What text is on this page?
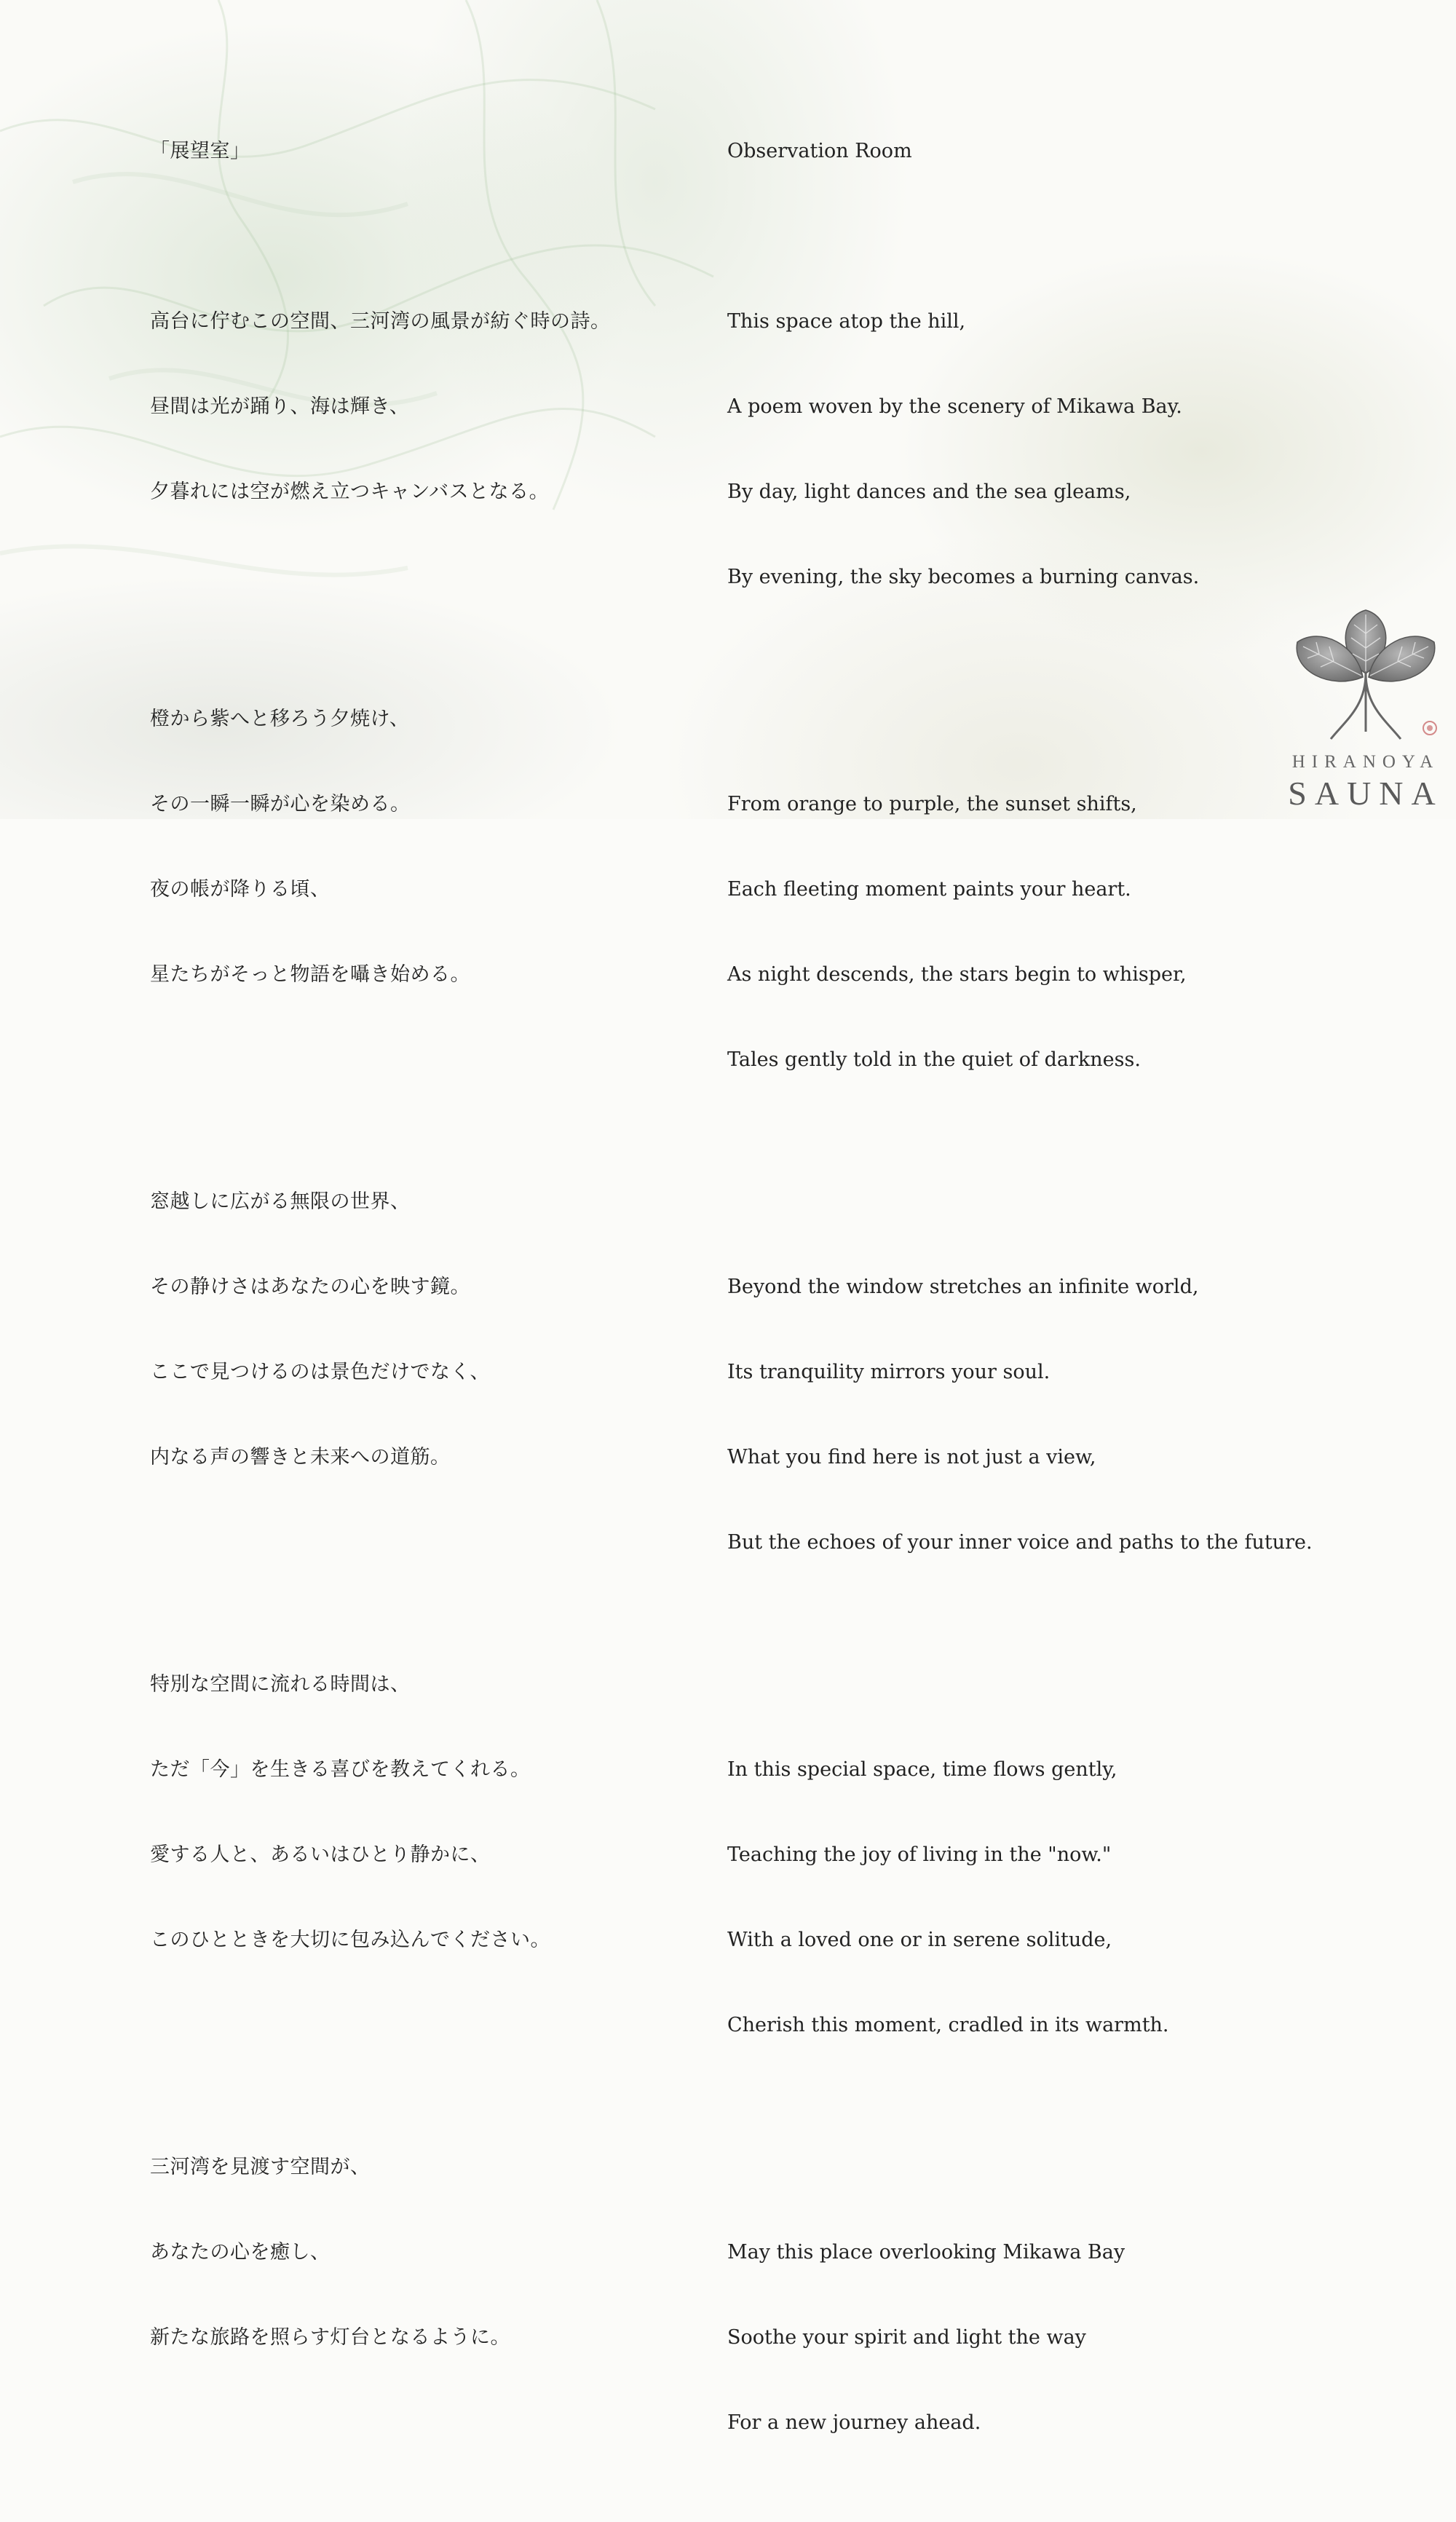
「展望室」

高台に佇むこの空間、三河湾の風景が紡ぐ時の詩。

昼間は光が踊り、海は輝き、

夕暮れには空が燃え立つキャンバスとなる。

橙から紫へと移ろう夕焼け、

その一瞬一瞬が心を染める。

夜の帳が降りる頃、

星たちがそっと物語を囁き始める。

窓越しに広がる無限の世界、

その静けさはあなたの心を映す鏡。

ここで見つけるのは景色だけでなく、

内なる声の響きと未来への道筋。

特別な空間に流れる時間は、

ただ「今」を生きる喜びを教えてくれる。

愛する人と、あるいはひとり静かに、

このひとときを大切に包み込んでください。

三河湾を見渡す空間が、

あなたの心を癒し、

新たな旅路を照らす灯台となるように。

Observation Room

This space atop the hill,

A poem woven by the scenery of Mikawa Bay.

By day, light dances and the sea gleams,

By evening, the sky becomes a burning canvas.

From orange to purple, the sunset shifts,

Each fleeting moment paints your heart.

As night descends, the stars begin to whisper,

Tales gently told in the quiet of darkness.

Beyond the window stretches an infinite world,

Its tranquility mirrors your soul.

What you find here is not just a view,

But the echoes of your inner voice and paths to the future.

In this special space, time flows gently,

Teaching the joy of living in the "now."

With a loved one or in serene solitude,

Cherish this moment, cradled in its warmth.

May this place overlooking Mikawa Bay

Soothe your spirit and light the way

For a new journey ahead.

HIRANOYA
SAUNA
